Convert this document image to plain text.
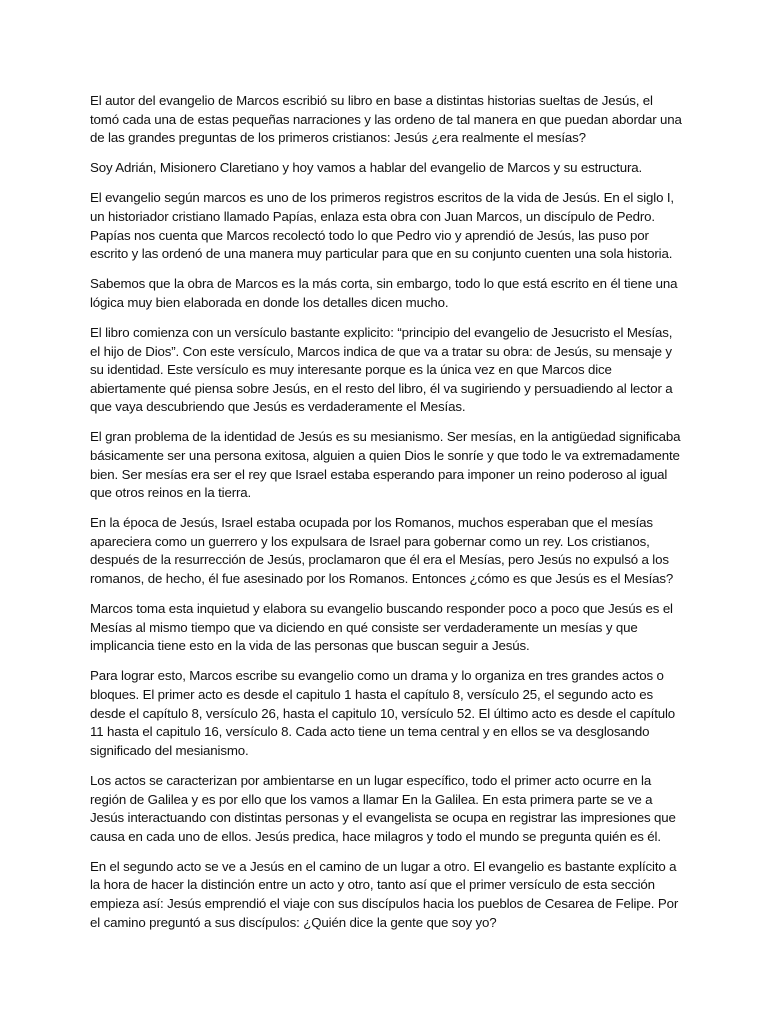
El autor del evangelio de Marcos escribió su libro en base a distintas historias sueltas de Jesús, el tomó cada una de estas pequeñas narraciones y las ordeno de tal manera en que puedan abordar una de las grandes preguntas de los primeros cristianos: Jesús ¿era realmente el mesías?

Soy Adrián, Misionero Claretiano y hoy vamos a hablar del evangelio de Marcos y su estructura.

El evangelio según marcos es uno de los primeros registros escritos de la vida de Jesús. En el siglo I, un historiador cristiano llamado Papías, enlaza esta obra con Juan Marcos, un discípulo de Pedro. Papías nos cuenta que Marcos recolectó todo lo que Pedro vio y aprendió de Jesús, las puso por escrito y las ordenó de una manera muy particular para que en su conjunto cuenten una sola historia.

Sabemos que la obra de Marcos es la más corta, sin embargo, todo lo que está escrito en él tiene una lógica muy bien elaborada en donde los detalles dicen mucho.

El libro comienza con un versículo bastante explicito: “principio del evangelio de Jesucristo el Mesías, el hijo de Dios”. Con este versículo, Marcos indica de que va a tratar su obra: de Jesús, su mensaje y su identidad. Este versículo es muy interesante porque es la única vez en que Marcos dice abiertamente qué piensa sobre Jesús, en el resto del libro, él va sugiriendo y persuadiendo al lector a que vaya descubriendo que Jesús es verdaderamente el Mesías.

El gran problema de la identidad de Jesús es su mesianismo. Ser mesías, en la antigüedad significaba básicamente ser una persona exitosa, alguien a quien Dios le sonríe y que todo le va extremadamente bien. Ser mesías era ser el rey que Israel estaba esperando para imponer un reino poderoso al igual que otros reinos en la tierra.

En la época de Jesús, Israel estaba ocupada por los Romanos, muchos esperaban que el mesías apareciera como un guerrero y los expulsara de Israel para gobernar como un rey. Los cristianos, después de la resurrección de Jesús, proclamaron que él era el Mesías, pero Jesús no expulsó a los romanos, de hecho, él fue asesinado por los Romanos. Entonces ¿cómo es que Jesús es el Mesías?

Marcos toma esta inquietud y elabora su evangelio buscando responder poco a poco que Jesús es el Mesías al mismo tiempo que va diciendo en qué consiste ser verdaderamente un mesías y que implicancia tiene esto en la vida de las personas que buscan seguir a Jesús.

Para lograr esto, Marcos escribe su evangelio como un drama y lo organiza en tres grandes actos o bloques. El primer acto es desde el capitulo 1 hasta el capítulo 8, versículo 25, el segundo acto es desde el capítulo 8, versículo 26, hasta el capitulo 10, versículo 52. El último acto es desde el capítulo 11 hasta el capitulo 16, versículo 8. Cada acto tiene un tema central y en ellos se va desglosando significado del mesianismo.

Los actos se caracterizan por ambientarse en un lugar específico, todo el primer acto ocurre en la región de Galilea y es por ello que los vamos a llamar En la Galilea. En esta primera parte se ve a Jesús interactuando con distintas personas y el evangelista se ocupa en registrar las impresiones que causa en cada uno de ellos. Jesús predica, hace milagros y todo el mundo se pregunta quién es él.

En el segundo acto se ve a Jesús en el camino de un lugar a otro. El evangelio es bastante explícito a la hora de hacer la distinción entre un acto y otro, tanto así que el primer versículo de esta sección empieza así: Jesús emprendió el viaje con sus discípulos hacia los pueblos de Cesarea de Felipe. Por el camino preguntó a sus discípulos: ¿Quién dice la gente que soy yo?
